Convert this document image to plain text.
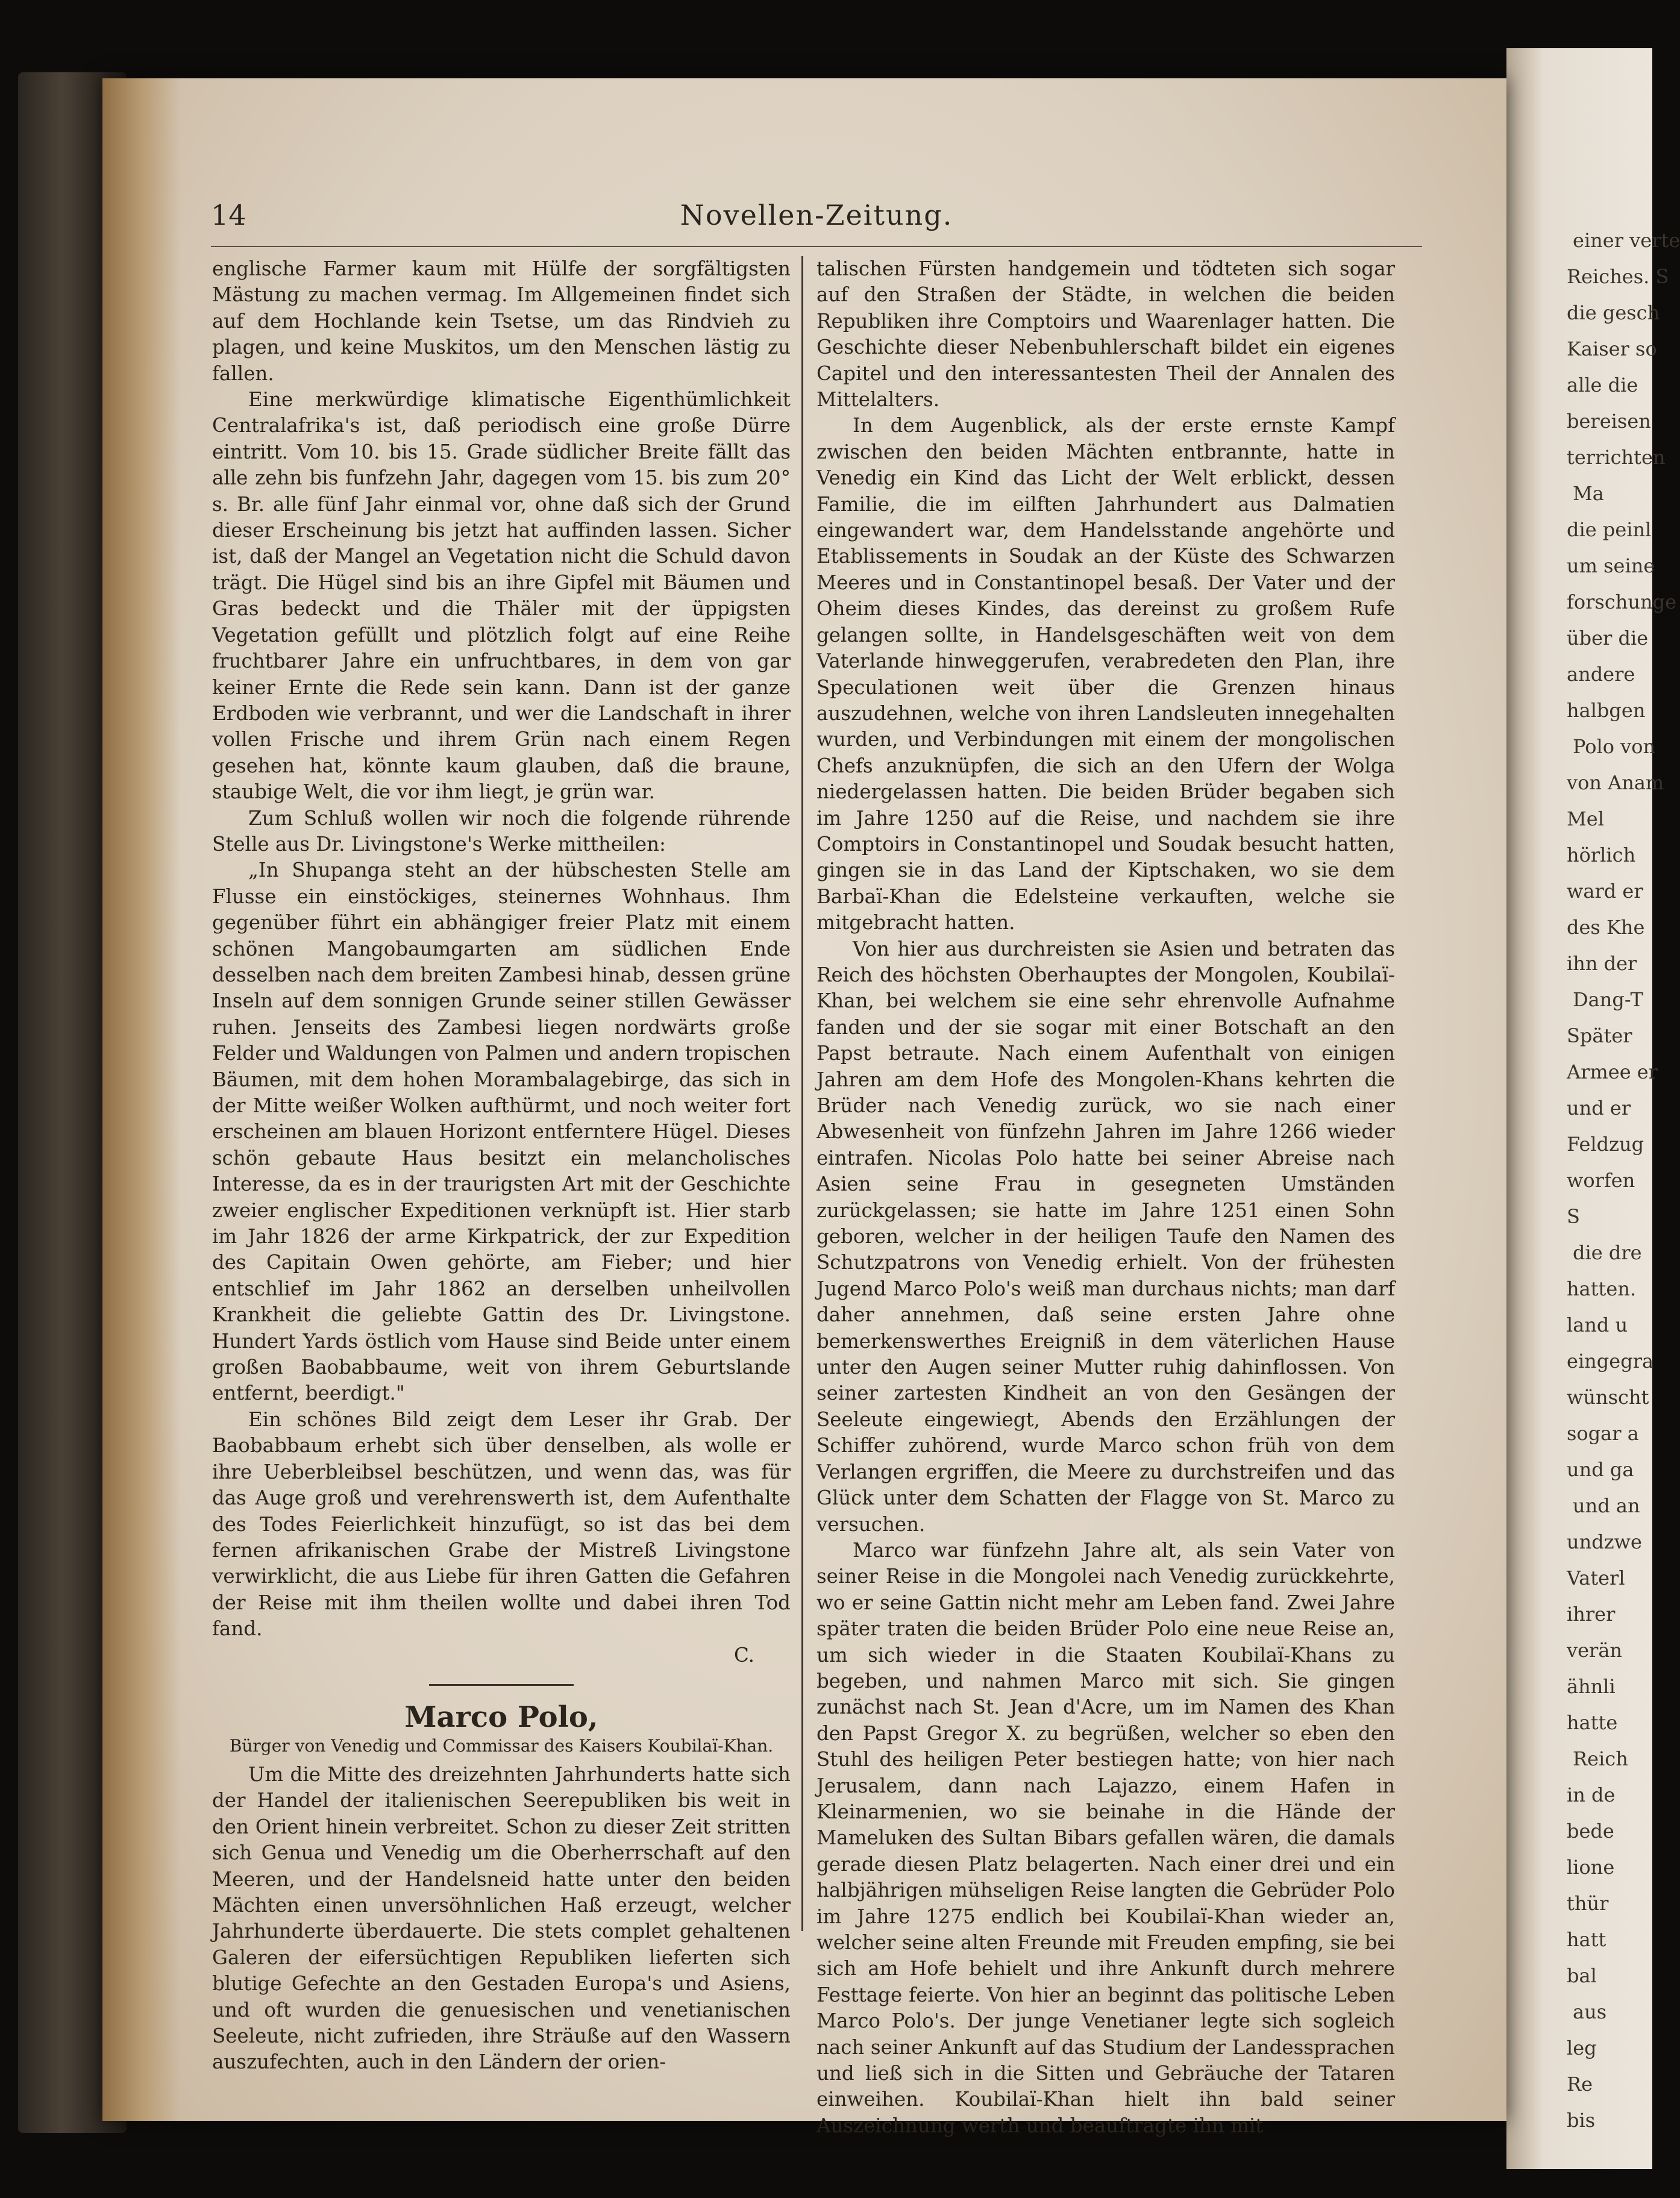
einer verte
Reiches. S
die gesch
Kaiser so
alle die
bereisen
terrichten
Ma
die peinl
um seine
forschunge
über die
andere
halbgen
Polo von
von Anam
Mel
hörlich
ward er
des Khe
ihn der
Dang-T
Später
Armee er
und er
Feldzug
worfen
S
die dre
hatten.
land u
eingegra
wünscht
sogar a
und ga
und an
undzwe
Vaterl
ihrer
verän
ähnli
hatte
Reich
in de
bede
lione
thür
hatt
bal
aus
leg
Re
bis
14	Novellen-Zeitung.

englische Farmer kaum mit Hülfe der sorgfältigsten Mästung zu machen vermag. Im Allgemeinen findet sich auf dem Hochlande kein Tsetse, um das Rindvieh zu plagen, und keine Muskitos, um den Menschen lästig zu fallen.

Eine merkwürdige klimatische Eigenthümlichkeit Centralafrika's ist, daß periodisch eine große Dürre eintritt. Vom 10. bis 15. Grade südlicher Breite fällt das alle zehn bis funfzehn Jahr, dagegen vom 15. bis zum 20° s. Br. alle fünf Jahr einmal vor, ohne daß sich der Grund dieser Erscheinung bis jetzt hat auffinden lassen. Sicher ist, daß der Mangel an Vegetation nicht die Schuld davon trägt. Die Hügel sind bis an ihre Gipfel mit Bäumen und Gras bedeckt und die Thäler mit der üppigsten Vegetation gefüllt und plötzlich folgt auf eine Reihe fruchtbarer Jahre ein unfruchtbares, in dem von gar keiner Ernte die Rede sein kann. Dann ist der ganze Erdboden wie verbrannt, und wer die Landschaft in ihrer vollen Frische und ihrem Grün nach einem Regen gesehen hat, könnte kaum glauben, daß die braune, staubige Welt, die vor ihm liegt, je grün war.

Zum Schluß wollen wir noch die folgende rührende Stelle aus Dr. Livingstone's Werke mittheilen:

„In Shupanga steht an der hübschesten Stelle am Flusse ein einstöckiges, steinernes Wohnhaus. Ihm gegenüber führt ein abhängiger freier Platz mit einem schönen Mangobaumgarten am südlichen Ende desselben nach dem breiten Zambesi hinab, dessen grüne Inseln auf dem sonnigen Grunde seiner stillen Gewässer ruhen. Jenseits des Zambesi liegen nordwärts große Felder und Waldungen von Palmen und andern tropischen Bäumen, mit dem hohen Morambalagebirge, das sich in der Mitte weißer Wolken aufthürmt, und noch weiter fort erscheinen am blauen Horizont entferntere Hügel. Dieses schön gebaute Haus besitzt ein melancholisches Interesse, da es in der traurigsten Art mit der Geschichte zweier englischer Expeditionen verknüpft ist. Hier starb im Jahr 1826 der arme Kirkpatrick, der zur Expedition des Capitain Owen gehörte, am Fieber; und hier entschlief im Jahr 1862 an derselben unheilvollen Krankheit die geliebte Gattin des Dr. Livingstone. Hundert Yards östlich vom Hause sind Beide unter einem großen Baobabbaume, weit von ihrem Geburtslande entfernt, beerdigt."

Ein schönes Bild zeigt dem Leser ihr Grab. Der Baobabbaum erhebt sich über denselben, als wolle er ihre Ueberbleibsel beschützen, und wenn das, was für das Auge groß und verehrenswerth ist, dem Aufenthalte des Todes Feierlichkeit hinzufügt, so ist das bei dem fernen afrikanischen Grabe der Mistreß Livingstone verwirklicht, die aus Liebe für ihren Gatten die Gefahren der Reise mit ihm theilen wollte und dabei ihren Tod fand.

C.
Marco Polo,
Bürger von Venedig und Commissar des Kaisers Koubilaï-Khan.

Um die Mitte des dreizehnten Jahrhunderts hatte sich der Handel der italienischen Seerepubliken bis weit in den Orient hinein verbreitet. Schon zu dieser Zeit stritten sich Genua und Venedig um die Oberherrschaft auf den Meeren, und der Handelsneid hatte unter den beiden Mächten einen unversöhnlichen Haß erzeugt, welcher Jahrhunderte überdauerte. Die stets complet gehaltenen Galeren der eifersüchtigen Republiken lieferten sich blutige Gefechte an den Gestaden Europa's und Asiens, und oft wurden die genuesischen und venetianischen Seeleute, nicht zufrieden, ihre Sträuße auf den Wassern auszufechten, auch in den Ländern der orien-

talischen Fürsten handgemein und tödteten sich sogar auf den Straßen der Städte, in welchen die beiden Republiken ihre Comptoirs und Waarenlager hatten. Die Geschichte dieser Nebenbuhlerschaft bildet ein eigenes Capitel und den interessantesten Theil der Annalen des Mittelalters.

In dem Augenblick, als der erste ernste Kampf zwischen den beiden Mächten entbrannte, hatte in Venedig ein Kind das Licht der Welt erblickt, dessen Familie, die im eilften Jahrhundert aus Dalmatien eingewandert war, dem Handelsstande angehörte und Etablissements in Soudak an der Küste des Schwarzen Meeres und in Constantinopel besaß. Der Vater und der Oheim dieses Kindes, das dereinst zu großem Rufe gelangen sollte, in Handelsgeschäften weit von dem Vaterlande hinweggerufen, verabredeten den Plan, ihre Speculationen weit über die Grenzen hinaus auszudehnen, welche von ihren Landsleuten innegehalten wurden, und Verbindungen mit einem der mongolischen Chefs anzuknüpfen, die sich an den Ufern der Wolga niedergelassen hatten. Die beiden Brüder begaben sich im Jahre 1250 auf die Reise, und nachdem sie ihre Comptoirs in Constantinopel und Soudak besucht hatten, gingen sie in das Land der Kiptschaken, wo sie dem Barbaï-Khan die Edelsteine verkauften, welche sie mitgebracht hatten.

Von hier aus durchreisten sie Asien und betraten das Reich des höchsten Oberhauptes der Mongolen, Koubilaï-Khan, bei welchem sie eine sehr ehrenvolle Aufnahme fanden und der sie sogar mit einer Botschaft an den Papst betraute. Nach einem Aufenthalt von einigen Jahren am dem Hofe des Mongolen-Khans kehrten die Brüder nach Venedig zurück, wo sie nach einer Abwesenheit von fünfzehn Jahren im Jahre 1266 wieder eintrafen. Nicolas Polo hatte bei seiner Abreise nach Asien seine Frau in gesegneten Umständen zurückgelassen; sie hatte im Jahre 1251 einen Sohn geboren, welcher in der heiligen Taufe den Namen des Schutzpatrons von Venedig erhielt. Von der frühesten Jugend Marco Polo's weiß man durchaus nichts; man darf daher annehmen, daß seine ersten Jahre ohne bemerkenswerthes Ereigniß in dem väterlichen Hause unter den Augen seiner Mutter ruhig dahinflossen. Von seiner zartesten Kindheit an von den Gesängen der Seeleute eingewiegt, Abends den Erzählungen der Schiffer zuhörend, wurde Marco schon früh von dem Verlangen ergriffen, die Meere zu durchstreifen und das Glück unter dem Schatten der Flagge von St. Marco zu versuchen.

Marco war fünfzehn Jahre alt, als sein Vater von seiner Reise in die Mongolei nach Venedig zurückkehrte, wo er seine Gattin nicht mehr am Leben fand. Zwei Jahre später traten die beiden Brüder Polo eine neue Reise an, um sich wieder in die Staaten Koubilaï-Khans zu begeben, und nahmen Marco mit sich. Sie gingen zunächst nach St. Jean d'Acre, um im Namen des Khan den Papst Gregor X. zu begrüßen, welcher so eben den Stuhl des heiligen Peter bestiegen hatte; von hier nach Jerusalem, dann nach Lajazzo, einem Hafen in Kleinarmenien, wo sie beinahe in die Hände der Mameluken des Sultan Bibars gefallen wären, die damals gerade diesen Platz belagerten. Nach einer drei und ein halbjährigen mühseligen Reise langten die Gebrüder Polo im Jahre 1275 endlich bei Koubilaï-Khan wieder an, welcher seine alten Freunde mit Freuden empfing, sie bei sich am Hofe behielt und ihre Ankunft durch mehrere Festtage feierte. Von hier an beginnt das politische Leben Marco Polo's. Der junge Venetianer legte sich sogleich nach seiner Ankunft auf das Studium der Landessprachen und ließ sich in die Sitten und Gebräuche der Tataren einweihen. Koubilaï-Khan hielt ihn bald seiner Auszeichnung werth und beauftragte ihn mit
